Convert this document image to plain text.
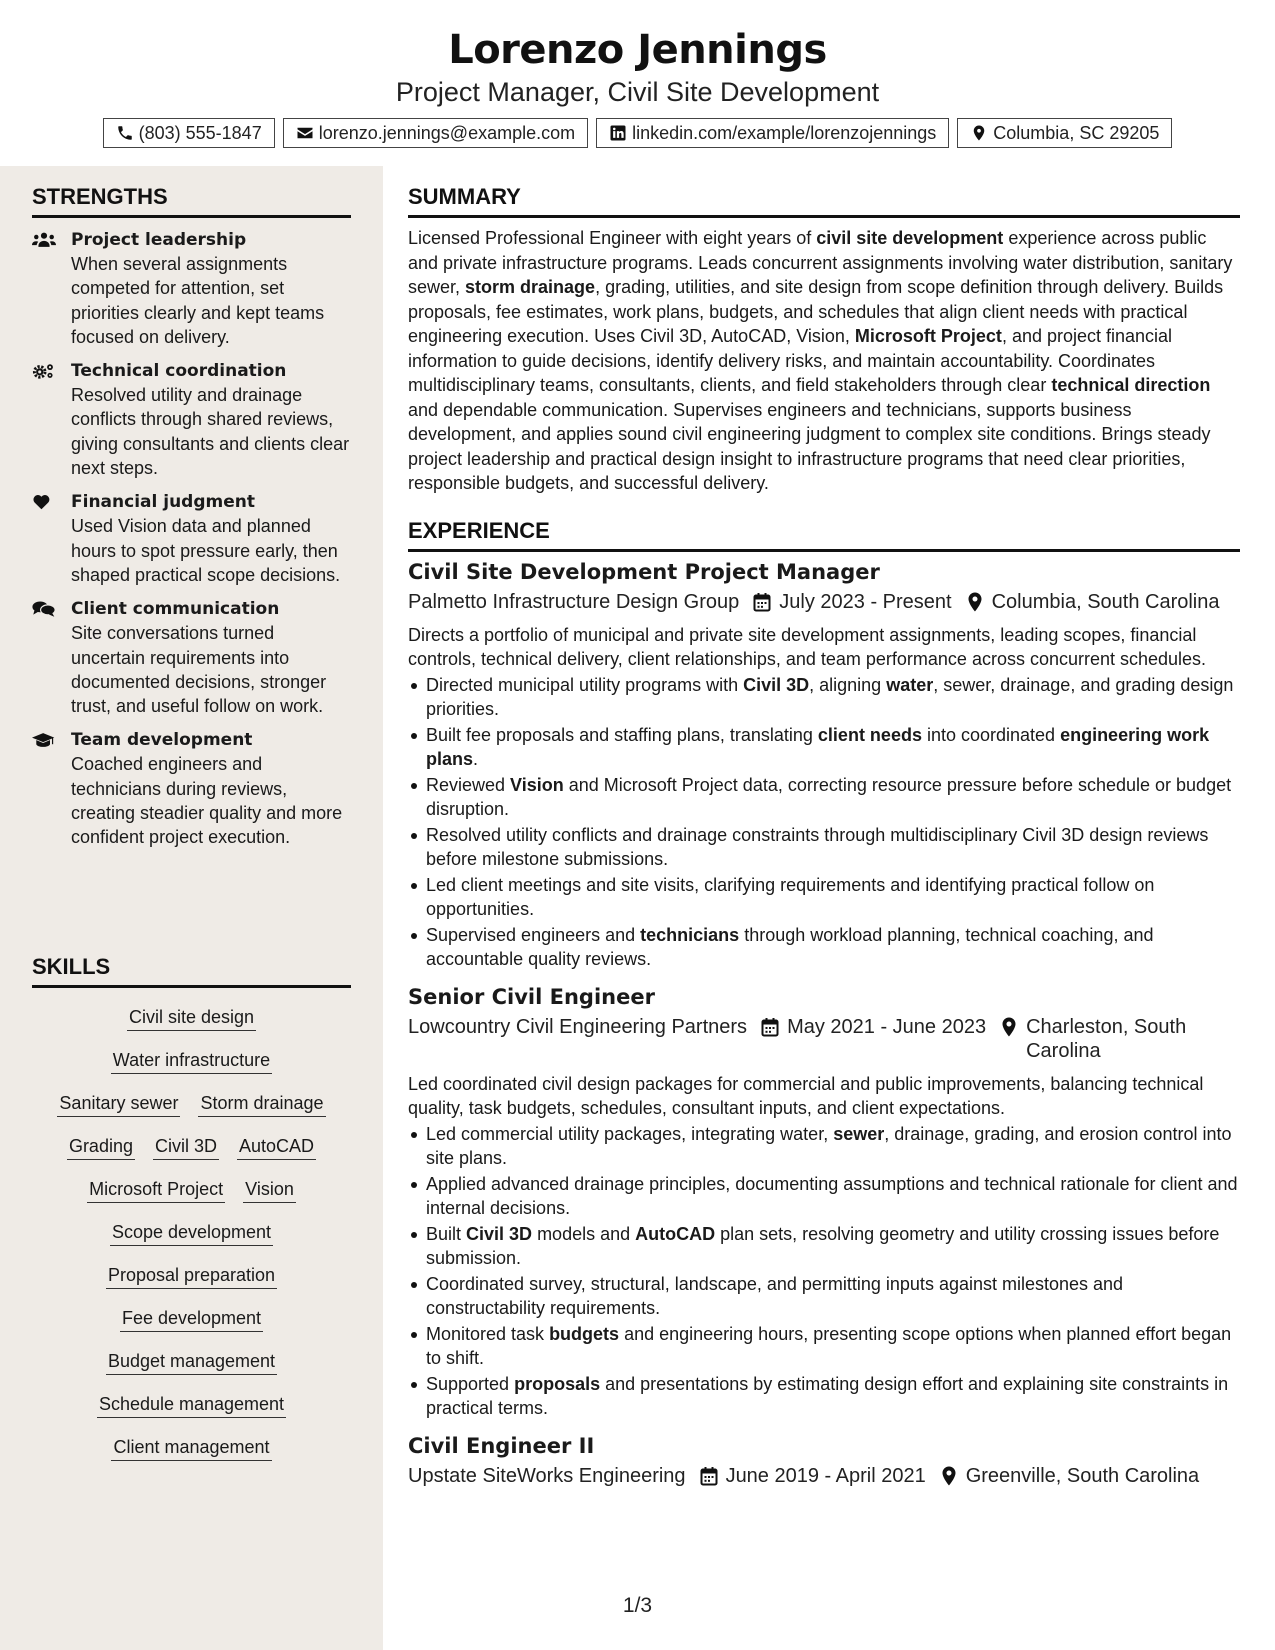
Lorenzo Jennings
Project Manager, Civil Site Development
(803) 555-1847	lorenzo.jennings@example.com	linkedin.com/example/lorenzojennings	Columbia, SC 29205
STRENGTHS
Project leadership
When several assignments competed for attention, set priorities clearly and kept teams focused on delivery.
Technical coordination
Resolved utility and drainage conflicts through shared reviews, giving consultants and clients clear next steps.
Financial judgment
Used Vision data and planned hours to spot pressure early, then shaped practical scope decisions.
Client communication
Site conversations turned uncertain requirements into documented decisions, stronger trust, and useful follow on work.
Team development
Coached engineers and technicians during reviews, creating steadier quality and more confident project execution.
SKILLS
Civil site design
Water infrastructure
Sanitary sewer Storm drainage
Grading Civil 3D AutoCAD
Microsoft Project Vision
Scope development
Proposal preparation
Fee development
Budget management
Schedule management
Client management
SUMMARY
Licensed Professional Engineer with eight years of civil site development experience across public and private infrastructure programs. Leads concurrent assignments involving water distribution, sanitary sewer, storm drainage, grading, utilities, and site design from scope definition through delivery. Builds proposals, fee estimates, work plans, budgets, and schedules that align client needs with practical engineering execution. Uses Civil 3D, AutoCAD, Vision, Microsoft Project, and project financial information to guide decisions, identify delivery risks, and maintain accountability. Coordinates multidisciplinary teams, consultants, clients, and field stakeholders through clear technical direction and dependable communication. Supervises engineers and technicians, supports business development, and applies sound civil engineering judgment to complex site conditions. Brings steady project leadership and practical design insight to infrastructure programs that need clear priorities, responsible budgets, and successful delivery.
EXPERIENCE
Civil Site Development Project Manager
Palmetto Infrastructure Design Group July 2023 - Present Columbia, South Carolina
Directs a portfolio of municipal and private site development assignments, leading scopes, financial controls, technical delivery, client relationships, and team performance across concurrent schedules.
Directed municipal utility programs with Civil 3D, aligning water, sewer, drainage, and grading design priorities.
Built fee proposals and staffing plans, translating client needs into coordinated engineering work plans.
Reviewed Vision and Microsoft Project data, correcting resource pressure before schedule or budget disruption.
Resolved utility conflicts and drainage constraints through multidisciplinary Civil 3D design reviews before milestone submissions.
Led client meetings and site visits, clarifying requirements and identifying practical follow on opportunities.
Supervised engineers and technicians through workload planning, technical coaching, and accountable quality reviews.
Senior Civil Engineer
Lowcountry Civil Engineering Partners May 2021 - June 2023 Charleston, South Carolina
Led coordinated civil design packages for commercial and public improvements, balancing technical quality, task budgets, schedules, consultant inputs, and client expectations.
Led commercial utility packages, integrating water, sewer, drainage, grading, and erosion control into site plans.
Applied advanced drainage principles, documenting assumptions and technical rationale for client and internal decisions.
Built Civil 3D models and AutoCAD plan sets, resolving geometry and utility crossing issues before submission.
Coordinated survey, structural, landscape, and permitting inputs against milestones and constructability requirements.
Monitored task budgets and engineering hours, presenting scope options when planned effort began to shift.
Supported proposals and presentations by estimating design effort and explaining site constraints in practical terms.
Civil Engineer II
Upstate SiteWorks Engineering June 2019 - April 2021 Greenville, South Carolina
1/3
